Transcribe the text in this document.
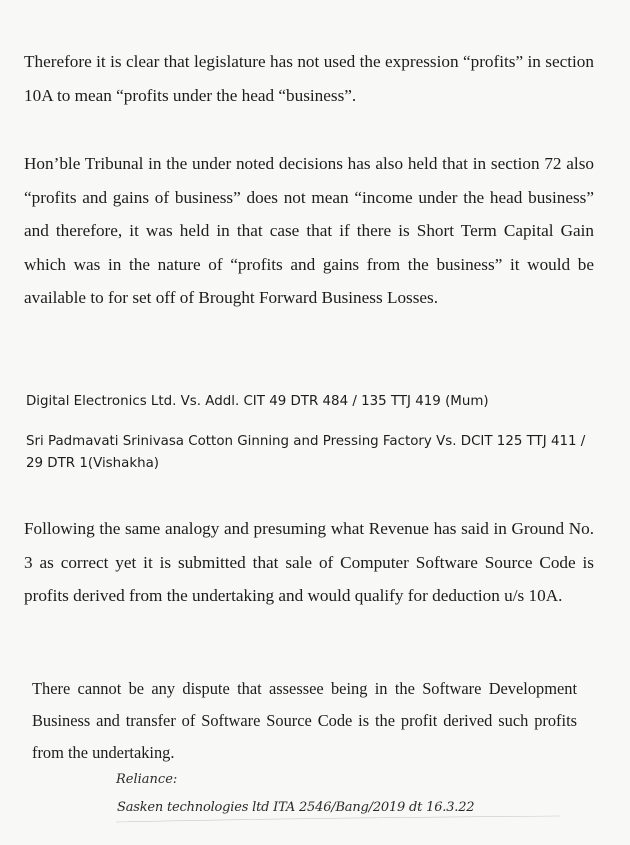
Therefore it is clear that legislature has not used the expression “profits” in section 10A to mean “profits under the head “business”.

Hon’ble Tribunal in the under noted decisions has also held that in section 72 also “profits and gains of business” does not mean “income under the head business” and therefore, it was held in that case that if there is Short Term Capital Gain which was in the nature of “profits and gains from the business” it would be available to for set off of Brought Forward Business Losses.

Digital Electronics Ltd. Vs. Addl. CIT 49 DTR 484 / 135 TTJ 419 (Mum)

Sri Padmavati Srinivasa Cotton Ginning and Pressing Factory Vs. DCIT 125 TTJ 411 / 29 DTR 1(Vishakha)

Following the same analogy and presuming what Revenue has said in Ground No. 3 as correct yet it is submitted that sale of Computer Software Source Code is profits derived from the undertaking and would qualify for deduction u/s 10A.

There cannot be any dispute that assessee being in the Software Development Business and transfer of Software Source Code is the profit derived such profits from the undertaking.

Reliance:
Sasken technologies ltd ITA 2546/Bang/2019 dt 16.3.22
